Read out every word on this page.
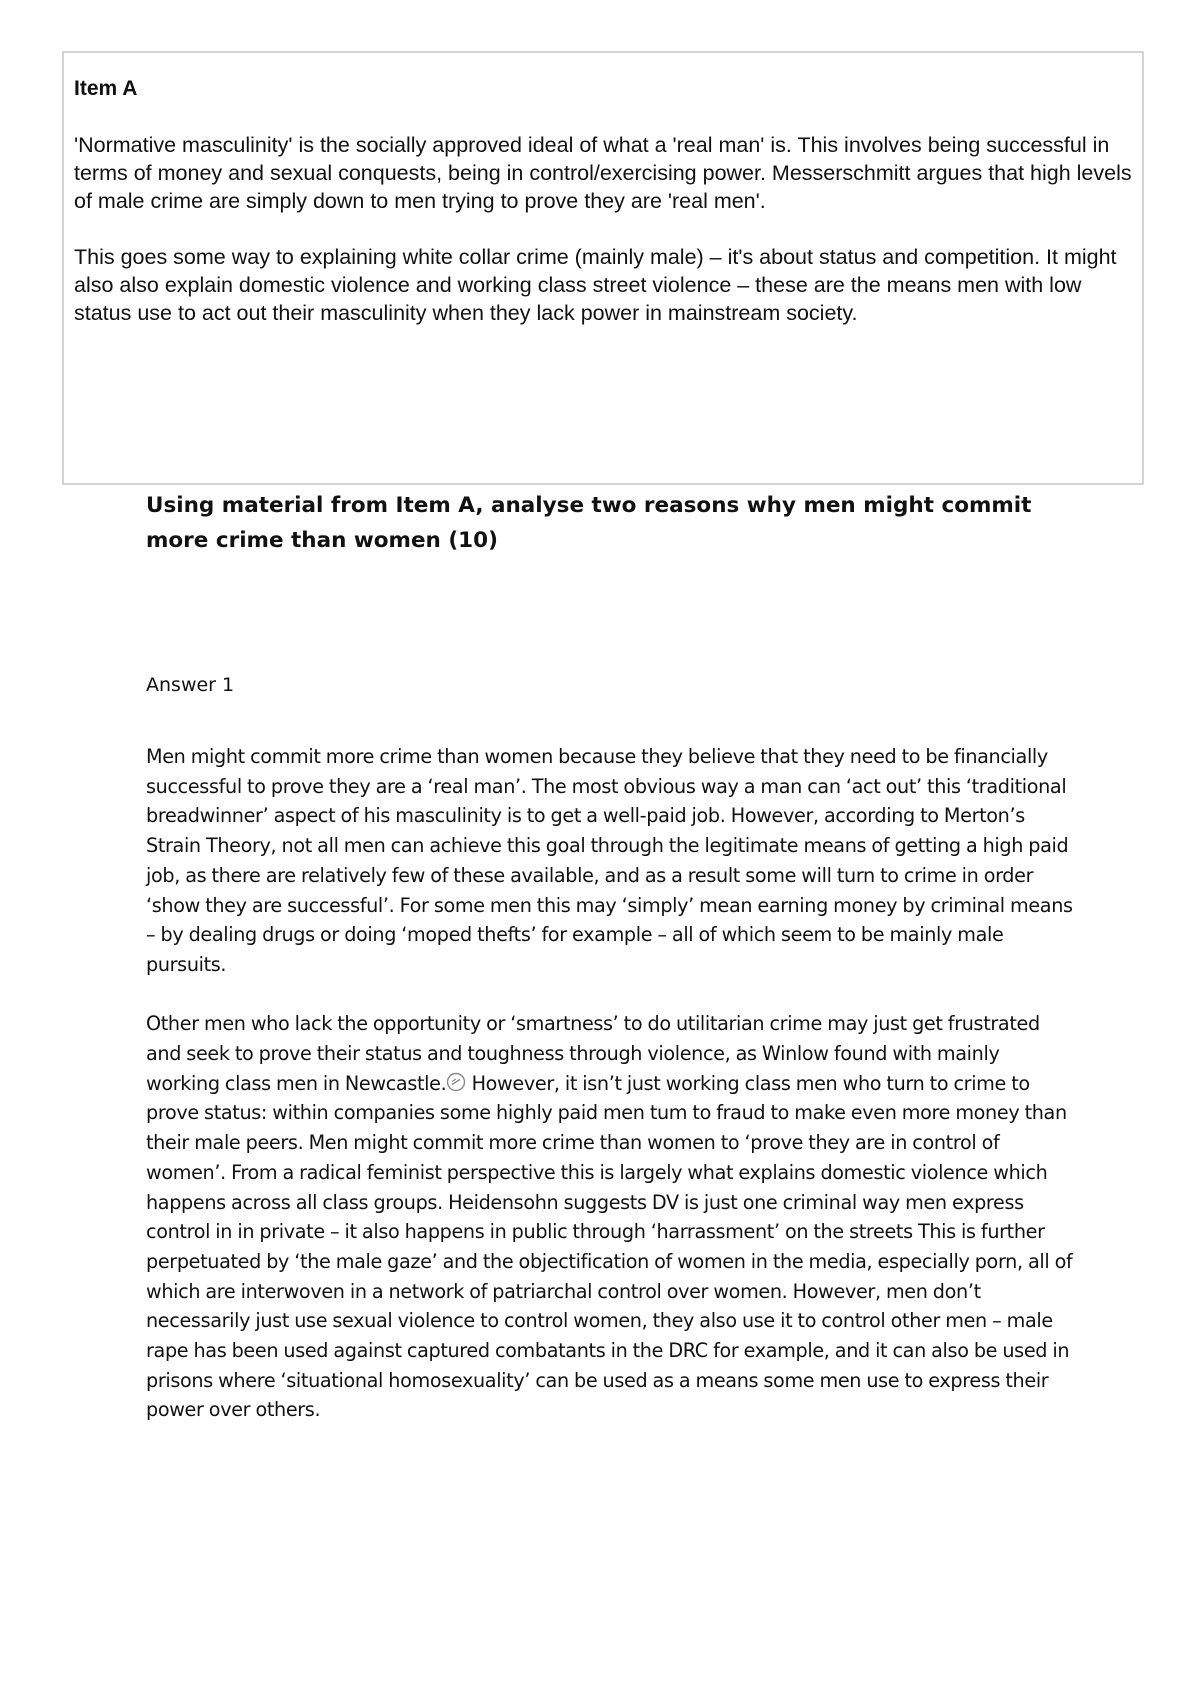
Item A

'Normative masculinity' is the socially approved ideal of what a 'real man' is. This involves being successful in terms of money and sexual conquests, being in control/exercising power. Messerschmitt argues that high levels of male crime are simply down to men trying to prove they are 'real men'.

This goes some way to explaining white collar crime (mainly male) – it's about status and competition. It might also also explain domestic violence and working class street violence – these are the means men with low status use to act out their masculinity when they lack power in mainstream society.

Using material from Item A, analyse two reasons why men might commit more crime than women (10)

Answer 1

Men might commit more crime than women because they believe that they need to be financially successful to prove they are a ‘real man’. The most obvious way a man can ‘act out’ this ‘traditional breadwinner’ aspect of his masculinity is to get a well-paid job. However, according to Merton’s Strain Theory, not all men can achieve this goal through the legitimate means of getting a high paid job, as there are relatively few of these available, and as a result some will turn to crime in order ‘show they are successful’. For some men this may ‘simply’ mean earning money by criminal means – by dealing drugs or doing ‘moped thefts’ for example – all of which seem to be mainly male pursuits.

Other men who lack the opportunity or ‘smartness’ to do utilitarian crime may just get frustrated and seek to prove their status and toughness through violence, as Winlow found with mainly working class men in Newcastle. However, it isn’t just working class men who turn to crime to prove status: within companies some highly paid men tum to fraud to make even more money than their male peers. Men might commit more crime than women to ‘prove they are in control of women’. From a radical feminist perspective this is largely what explains domestic violence which happens across all class groups. Heidensohn suggests DV is just one criminal way men express control in in private – it also happens in public through ‘harrassment’ on the streets This is further perpetuated by ‘the male gaze’ and the objectification of women in the media, especially porn, all of which are interwoven in a network of patriarchal control over women. However, men don’t necessarily just use sexual violence to control women, they also use it to control other men – male rape has been used against captured combatants in the DRC for example, and it can also be used in prisons where ‘situational homosexuality’ can be used as a means some men use to express their power over others.
